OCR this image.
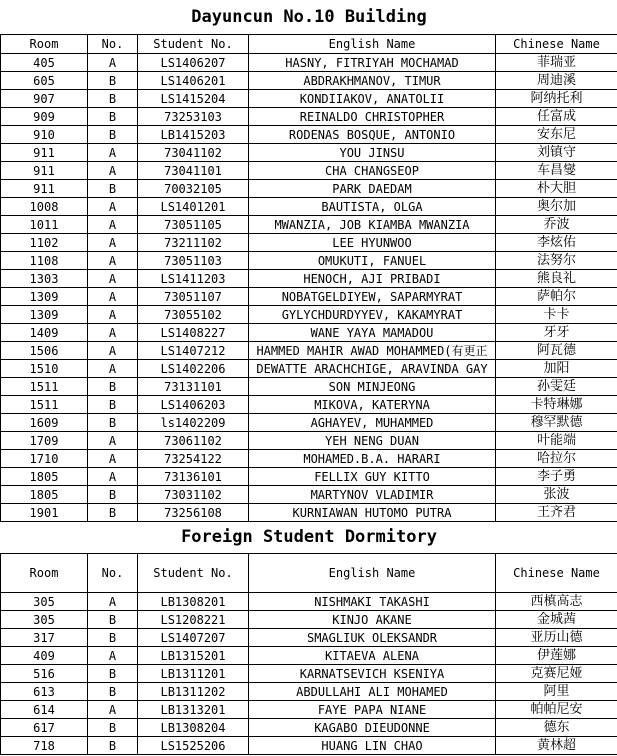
Dayuncun No.10 Building				
Room	No.	Student No.	English Name	Chinese Name
405	A	LS1406207	HASNY, FITRIYAH MOCHAMAD	菲瑞亚
605	B	LS1406201	ABDRAKHMANOV, TIMUR	周迪溪
907	B	LS1415204	KONDIIAKOV, ANATOLII	阿纳托利
909	B	73253103	REINALDO CHRISTOPHER	任富成
910	B	LB1415203	RODENAS BOSQUE, ANTONIO	安东尼
911	A	73041102	YOU JINSU	刘镇守
911	A	73041101	CHA CHANGSEOP	车昌燮
911	B	70032105	PARK DAEDAM	朴大胆
1008	A	LS1401201	BAUTISTA, OLGA	奥尔加
1011	A	73051105	MWANZIA, JOB KIAMBA MWANZIA	乔波
1102	A	73211102	LEE HYUNWOO	李炫佑
1108	A	73051103	OMUKUTI, FANUEL	法努尔
1303	A	LS1411203	HENOCH, AJI PRIBADI	熊良礼
1309	A	73051107	NOBATGELDIYEW, SAPARMYRAT	萨帕尔
1309	A	73055102	GYLYCHDURDYYEV, KAKAMYRAT	卡卡
1409	A	LS1408227	WANE YAYA MAMADOU	牙牙
1506	A	LS1407212	HAMMED MAHIR AWAD MOHAMMED(有更正	阿瓦德
1510	A	LS1402206	DEWATTE ARACHCHIGE, ARAVINDA GAY	加阳
1511	B	73131101	SON MINJEONG	孙雯廷
1511	B	LS1406203	MIKOVA, KATERYNA	卡特琳娜
1609	B	ls1402209	AGHAYEV, MUHAMMED	穆罕默德
1709	A	73061102	YEH NENG DUAN	叶能端
1710	A	73254122	MOHAMED.B.A. HARARI	哈拉尔
1805	A	73136101	FELLIX GUY KITTO	李子勇
1805	B	73031102	MARTYNOV VLADIMIR	张波
1901	B	73256108	KURNIAWAN HUTOMO PUTRA	王齐君
Foreign Student Dormitory				
Room	No.	Student No.	English Name	Chinese Name
305	A	LB1308201	NISHMAKI TAKASHI	西槙高志
305	B	LS1208221	KINJO AKANE	金城茜
317	B	LS1407207	SMAGLIUK OLEKSANDR	亚历山德
409	A	LB1315201	KITAEVA ALENA	伊莲娜
516	B	LB1311201	KARNATSEVICH KSENIYA	克赛尼娅
613	B	LB1311202	ABDULLAHI ALI MOHAMED	阿里
614	A	LB1313201	FAYE PAPA NIANE	帕帕尼安
617	B	LB1308204	KAGABO DIEUDONNE	德东
718	B	LS1525206	HUANG LIN CHAO	黄林超
